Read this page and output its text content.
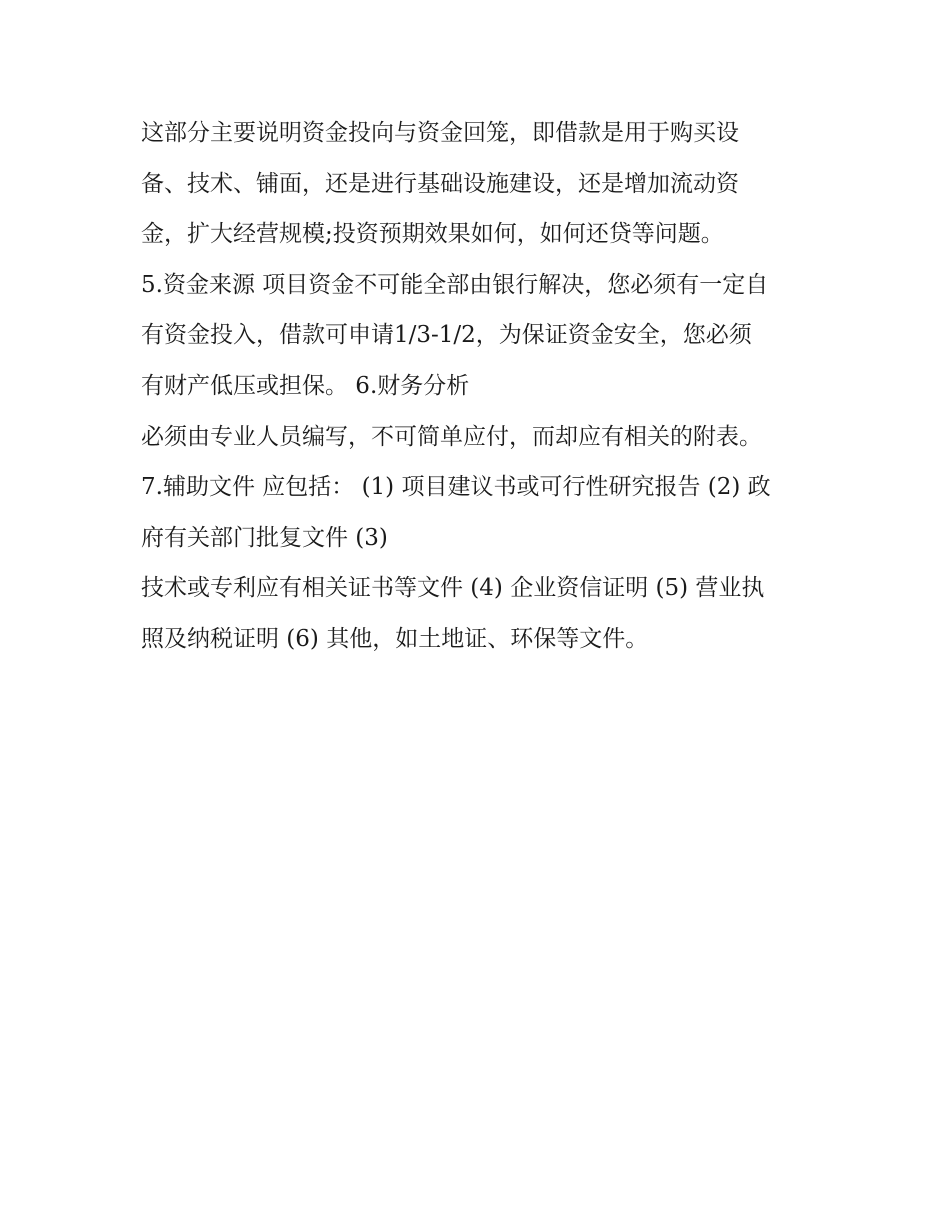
这部分主要说明资金投向与资金回笼，即借款是用于购买设
备、技术、铺面，还是进行基础设施建设，还是增加流动资
金，扩大经营规模;投资预期效果如何，如何还贷等问题。
5.资金来源 项目资金不可能全部由银行解决，您必须有一定自
有资金投入，借款可申请1/3-1/2，为保证资金安全，您必须
有财产低压或担保。 6.财务分析
必须由专业人员编写，不可简单应付，而却应有相关的附表。
7.辅助文件 应包括： (1) 项目建议书或可行性研究报告 (2) 政
府有关部门批复文件 (3)
技术或专利应有相关证书等文件 (4) 企业资信证明 (5) 营业执
照及纳税证明 (6) 其他，如土地证、环保等文件。
